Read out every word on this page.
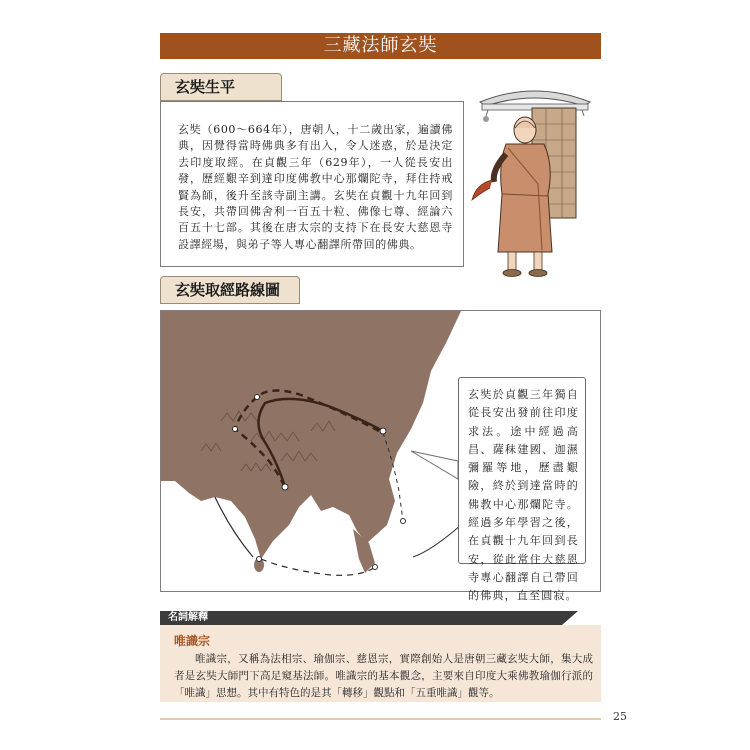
三藏法師玄奘
玄奘生平

玄奘（600～664年），唐朝人，十二歲出家，遍讀佛典，因覺得當時佛典多有出入，令人迷惑，於是決定去印度取經。在貞觀三年（629年），一人從長安出發，歷經艱辛到達印度佛教中心那爛陀寺，拜住持戒賢為師，後升至該寺副主講。玄奘在貞觀十九年回到長安，共帶回佛舍利一百五十粒、佛像七尊、經論六百五十七部。其後在唐太宗的支持下在長安大慈恩寺設譯經場，與弟子等人專心翻譯所帶回的佛典。

玄奘取經路線圖

玄奘於貞觀三年獨自從長安出發前往印度求法。途中經過高昌、薩秣建國、迦濕彌羅等地，歷盡艱險，終於到達當時的佛教中心那爛陀寺。經過多年學習之後，在貞觀十九年回到長安，從此常住大慈恩寺專心翻譯自己帶回的佛典，直至圓寂。

名詞解釋
唯識宗

唯識宗，又稱為法相宗、瑜伽宗、慈恩宗，實際創始人是唐朝三藏玄奘大師，集大成者是玄奘大師門下高足窺基法師。唯識宗的基本觀念，主要來自印度大乘佛教瑜伽行派的「唯識」思想。其中有特色的是其「轉移」觀點和「五重唯識」觀等。

25
